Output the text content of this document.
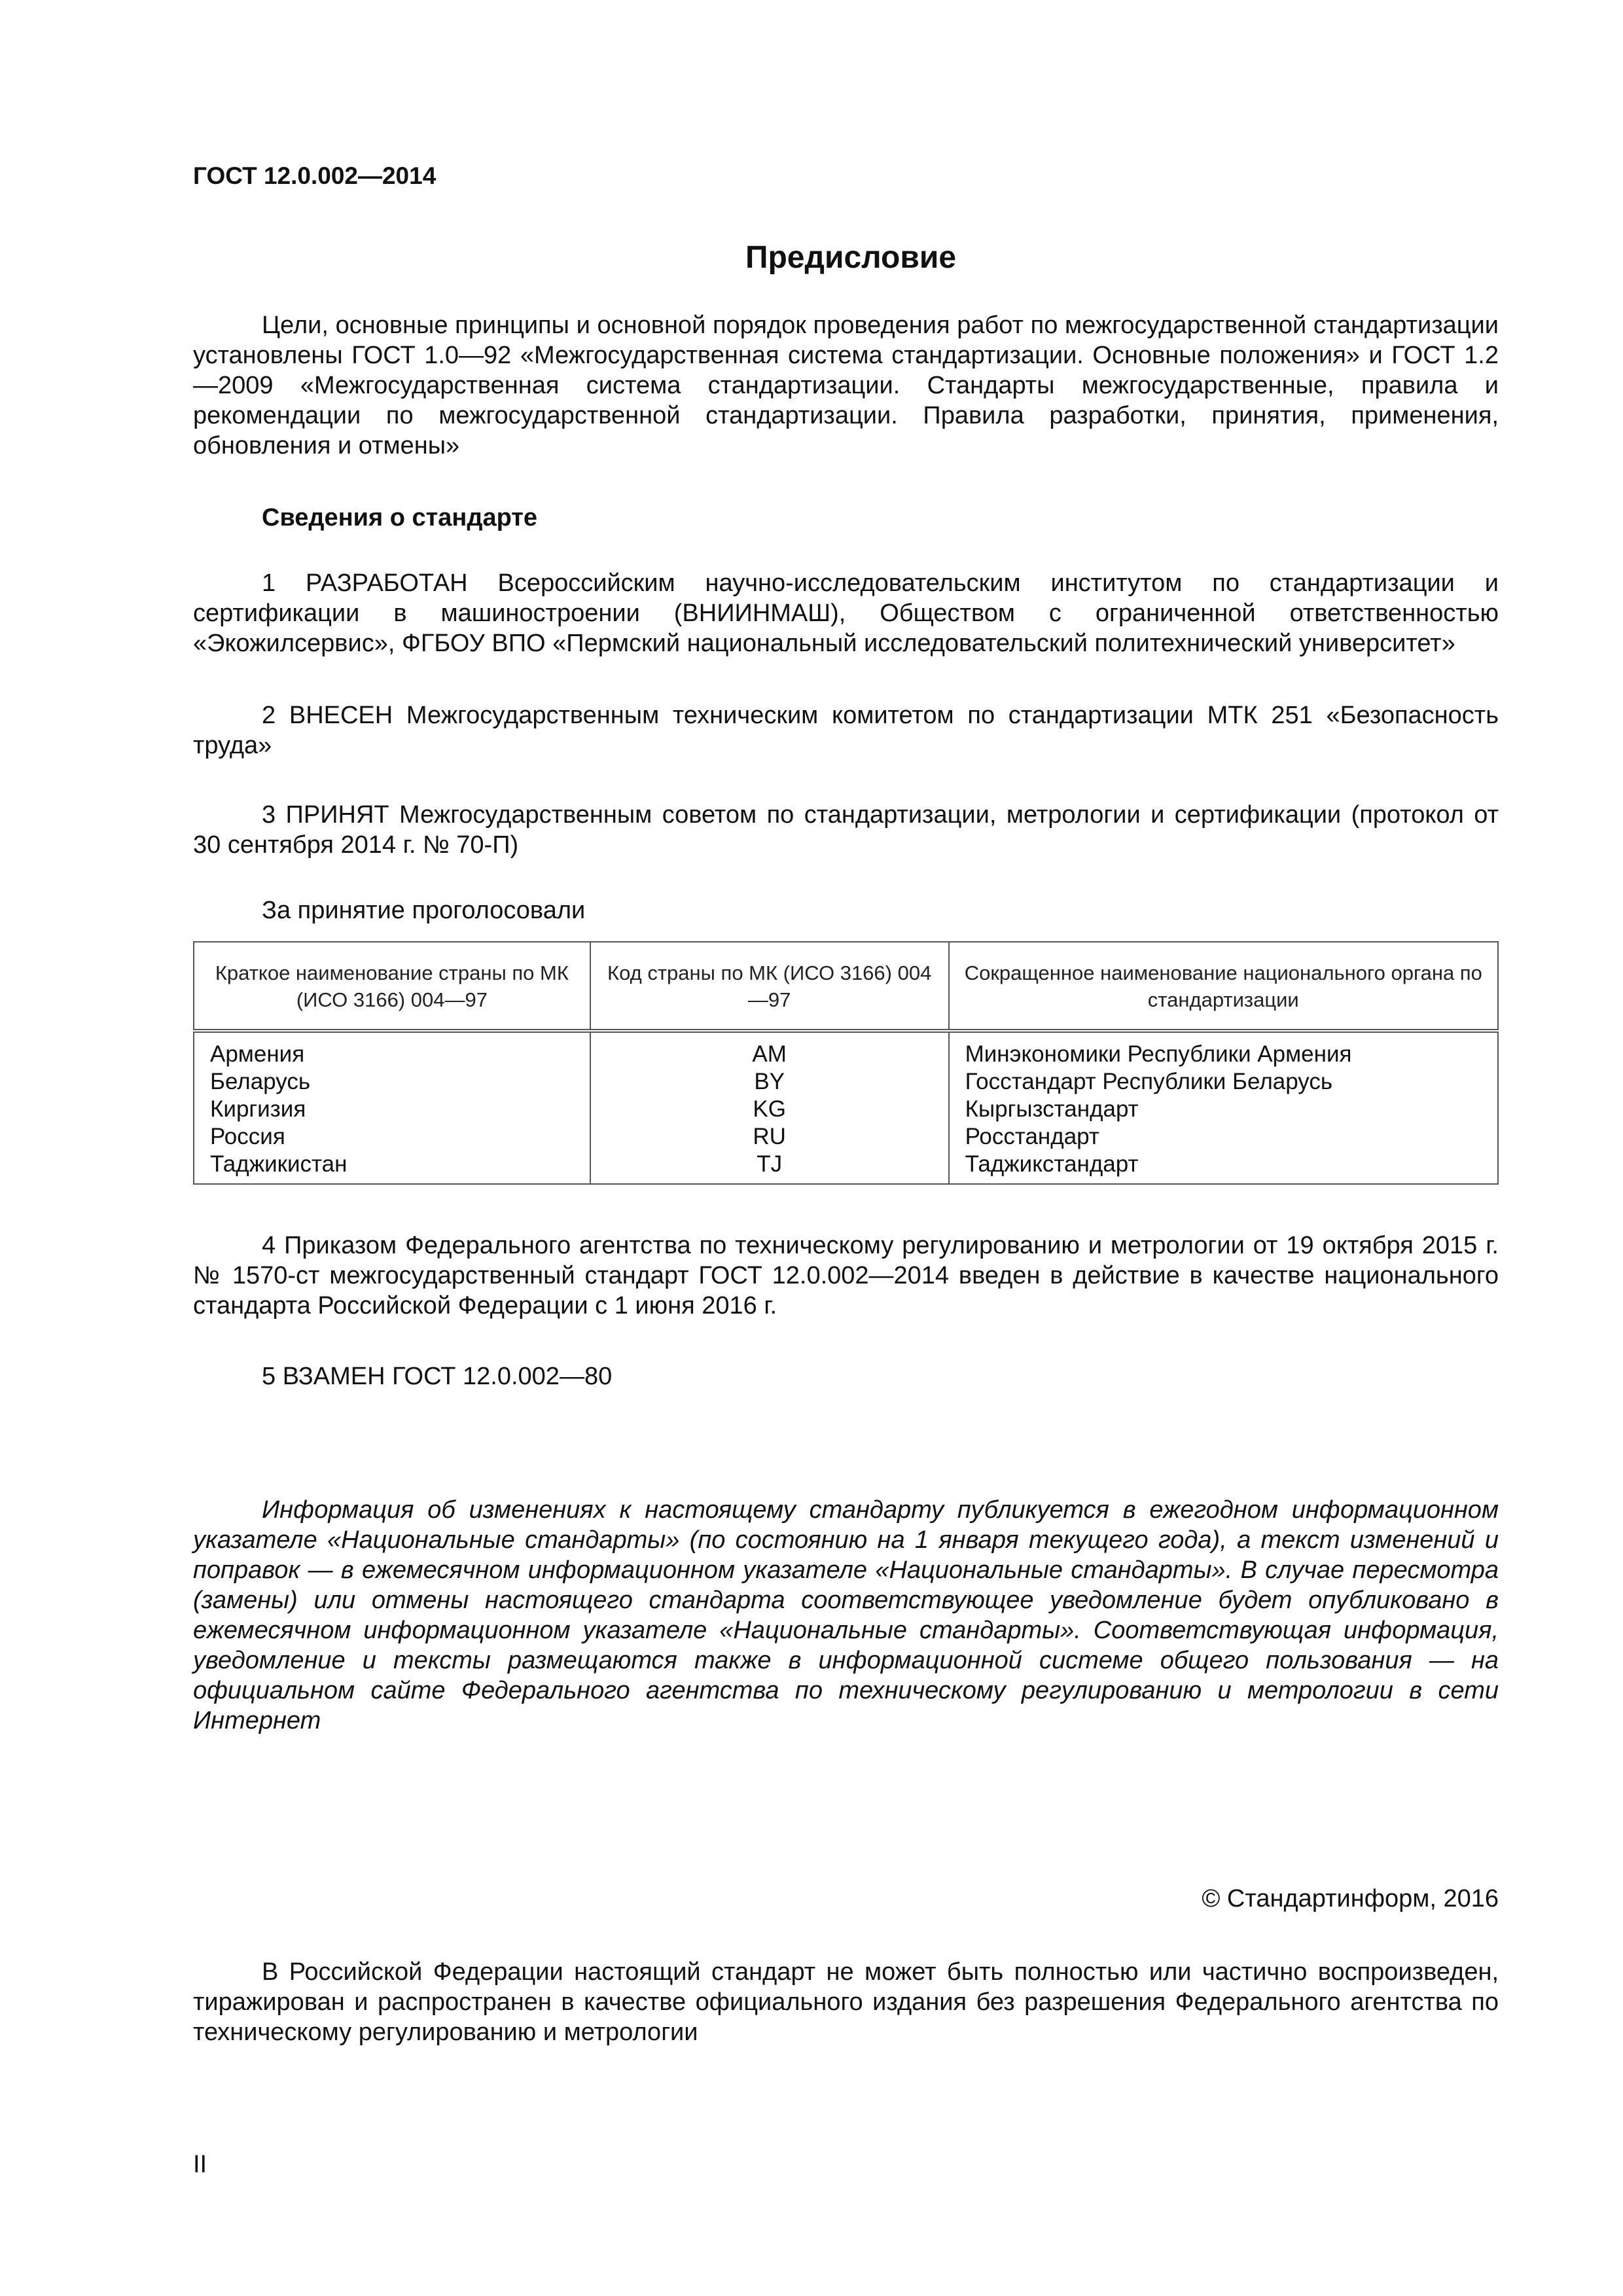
ГОСТ 12.0.002—2014
Предисловие

Цели, основные принципы и основной порядок проведения работ по межгосударственной стандартизации установлены ГОСТ 1.0—92 «Межгосударственная система стандартизации. Основные положения» и ГОСТ 1.2—2009 «Межгосударственная система стандартизации. Стандарты межгосударственные, правила и рекомендации по межгосударственной стандартизации. Правила разработки, принятия, применения, обновления и отмены»

Сведения о стандарте

1 РАЗРАБОТАН Всероссийским научно-исследовательским институтом по стандартизации и сертификации в машиностроении (ВНИИНМАШ), Обществом с ограниченной ответственностью «Экожилсервис», ФГБОУ ВПО «Пермский национальный исследовательский политехнический университет»

2 ВНЕСЕН Межгосударственным техническим комитетом по стандартизации МТК 251 «Безопасность труда»

3 ПРИНЯТ Межгосударственным советом по стандартизации, метрологии и сертификации (протокол от 30 сентября 2014 г. № 70-П)

За принятие проголосовали
Краткое наименование страны по МК (ИСО 3166) 004—97	Код страны по МК (ИСО 3166) 004—97	Сокращенное наименование национального органа по стандартизации
Армения	AM	Минэкономики Республики Армения
Беларусь	BY	Госстандарт Республики Беларусь
Киргизия	KG	Кыргызстандарт
Россия	RU	Росстандарт
Таджикистан	TJ	Таджикстандарт

4 Приказом Федерального агентства по техническому регулированию и метрологии от 19 октября 2015 г. № 1570-ст межгосударственный стандарт ГОСТ 12.0.002—2014 введен в действие в качестве национального стандарта Российской Федерации с 1 июня 2016 г.

5 ВЗАМЕН ГОСТ 12.0.002—80

Информация об изменениях к настоящему стандарту публикуется в ежегодном информационном указателе «Национальные стандарты» (по состоянию на 1 января текущего года), а текст изменений и поправок — в ежемесячном информационном указателе «Национальные стандарты». В случае пересмотра (замены) или отмены настоящего стандарта соответствующее уведомление будет опубликовано в ежемесячном информационном указателе «Национальные стандарты». Соответствующая информация, уведомление и тексты размещаются также в информационной системе общего пользования — на официальном сайте Федерального агентства по техническому регулированию и метрологии в сети Интернет

© Стандартинформ, 2016

В Российской Федерации настоящий стандарт не может быть полностью или частично воспроизведен, тиражирован и распространен в качестве официального издания без разрешения Федерального агентства по техническому регулированию и метрологии

II
